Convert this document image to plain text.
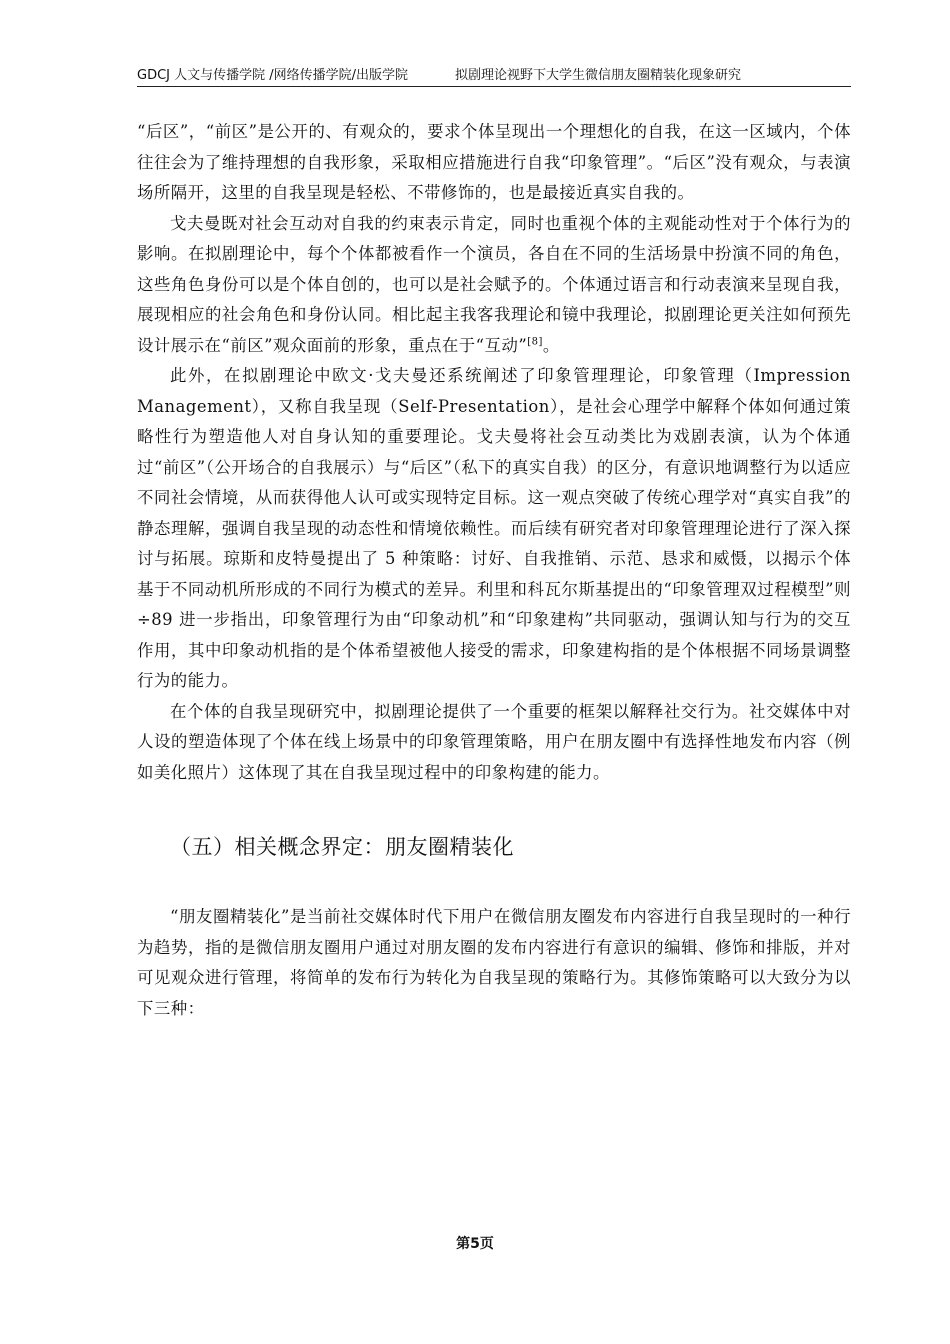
GDCJ 人文与传播学院 /网络传播学院/出版学院	拟剧理论视野下大学生微信朋友圈精装化现象研究

“后区”，“前区”是公开的、有观众的，要求个体呈现出一个理想化的自我，在这一区域内，个体往往会为了维持理想的自我形象，采取相应措施进行自我“印象管理”。“后区”没有观众，与表演场所隔开，这里的自我呈现是轻松、不带修饰的，也是最接近真实自我的。

戈夫曼既对社会互动对自我的约束表示肯定，同时也重视个体的主观能动性对于个体行为的影响。在拟剧理论中，每个个体都被看作一个演员，各自在不同的生活场景中扮演不同的角色，这些角色身份可以是个体自创的，也可以是社会赋予的。个体通过语言和行动表演来呈现自我，展现相应的社会角色和身份认同。相比起主我客我理论和镜中我理论，拟剧理论更关注如何预先设计展示在“前区”观众面前的形象，重点在于“互动”[8]。

此外，在拟剧理论中欧文·戈夫曼还系统阐述了印象管理理论，印象管理（Impression Management），又称自我呈现（Self-Presentation），是社会心理学中解释个体如何通过策略性行为塑造他人对自身认知的重要理论。戈夫曼将社会互动类比为戏剧表演，认为个体通过“前区”（公开场合的自我展示）与“后区”（私下的真实自我）的区分，有意识地调整行为以适应不同社会情境，从而获得他人认可或实现特定目标。这一观点突破了传统心理学对“真实自我”的静态理解，强调自我呈现的动态性和情境依赖性。而后续有研究者对印象管理理论进行了深入探讨与拓展。琼斯和皮特曼提出了 5 种策略：讨好、自我推销、示范、恳求和威慑，以揭示个体基于不同动机所形成的不同行为模式的差异。利里和科瓦尔斯基提出的“印象管理双过程模型”则÷89 进一步指出，印象管理行为由“印象动机”和“印象建构”共同驱动，强调认知与行为的交互作用，其中印象动机指的是个体希望被他人接受的需求，印象建构指的是个体根据不同场景调整行为的能力。

在个体的自我呈现研究中，拟剧理论提供了一个重要的框架以解释社交行为。社交媒体中对人设的塑造体现了个体在线上场景中的印象管理策略，用户在朋友圈中有选择性地发布内容（例如美化照片）这体现了其在自我呈现过程中的印象构建的能力。

（五）相关概念界定：朋友圈精装化

“朋友圈精装化”是当前社交媒体时代下用户在微信朋友圈发布内容进行自我呈现时的一种行为趋势，指的是微信朋友圈用户通过对朋友圈的发布内容进行有意识的编辑、修饰和排版，并对可见观众进行管理，将简单的发布行为转化为自我呈现的策略行为。其修饰策略可以大致分为以下三种：

第5页
